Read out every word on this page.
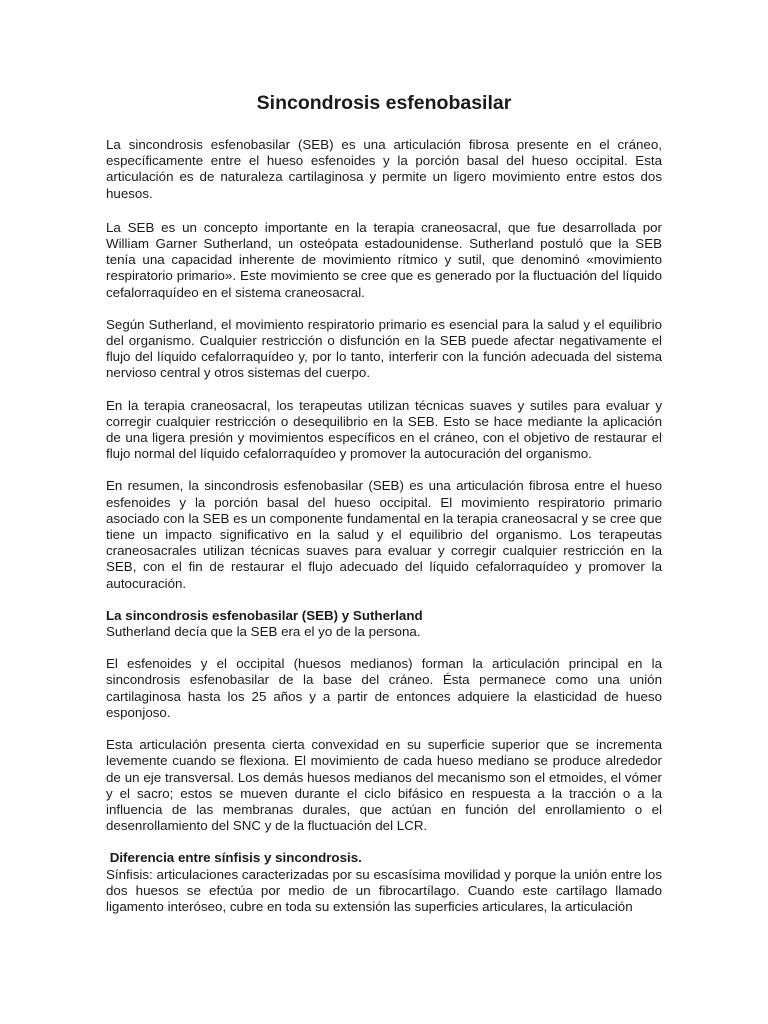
Sincondrosis esfenobasilar

La sincondrosis esfenobasilar (SEB) es una articulación fibrosa presente en el cráneo, específicamente entre el hueso esfenoides y la porción basal del hueso occipital. Esta articulación es de naturaleza cartilaginosa y permite un ligero movimiento entre estos dos huesos.

La SEB es un concepto importante en la terapia craneosacral, que fue desarrollada por William Garner Sutherland, un osteópata estadounidense. Sutherland postuló que la SEB tenía una capacidad inherente de movimiento rítmico y sutil, que denominó «movimiento respiratorio primario». Este movimiento se cree que es generado por la fluctuación del líquido cefalorraquídeo en el sistema craneosacral.

Según Sutherland, el movimiento respiratorio primario es esencial para la salud y el equilibrio del organismo. Cualquier restricción o disfunción en la SEB puede afectar negativamente el flujo del líquido cefalorraquídeo y, por lo tanto, interferir con la función adecuada del sistema nervioso central y otros sistemas del cuerpo.

En la terapia craneosacral, los terapeutas utilizan técnicas suaves y sutiles para evaluar y corregir cualquier restricción o desequilibrio en la SEB. Esto se hace mediante la aplicación de una ligera presión y movimientos específicos en el cráneo, con el objetivo de restaurar el flujo normal del líquido cefalorraquídeo y promover la autocuración del organismo.

En resumen, la sincondrosis esfenobasilar (SEB) es una articulación fibrosa entre el hueso esfenoides y la porción basal del hueso occipital. El movimiento respiratorio primario asociado con la SEB es un componente fundamental en la terapia craneosacral y se cree que tiene un impacto significativo en la salud y el equilibrio del organismo. Los terapeutas craneosacrales utilizan técnicas suaves para evaluar y corregir cualquier restricción en la SEB, con el fin de restaurar el flujo adecuado del líquido cefalorraquídeo y promover la autocuración.

La sincondrosis esfenobasilar (SEB) y Sutherland
Sutherland decía que la SEB era el yo de la persona.

El esfenoides y el occipital (huesos medianos) forman la articulación principal en la sincondrosis esfenobasilar de la base del cráneo. Ésta permanece como una unión cartilaginosa hasta los 25 años y a partir de entonces adquiere la elasticidad de hueso esponjoso.

Esta articulación presenta cierta convexidad en su superficie superior que se incrementa levemente cuando se flexiona. El movimiento de cada hueso mediano se produce alrededor de un eje transversal. Los demás huesos medianos del mecanismo son el etmoides, el vómer y el sacro; estos se mueven durante el ciclo bifásico en respuesta a la tracción o a la influencia de las membranas durales, que actúan en función del enrollamiento o el desenrollamiento del SNC y de la fluctuación del LCR.

Diferencia entre sínfisis y sincondrosis.
Sínfisis: articulaciones caracterizadas por su escasísima movilidad y porque la unión entre los dos huesos se efectúa por medio de un fibrocartílago. Cuando este cartílago llamado ligamento interóseo, cubre en toda su extensión las superficies articulares, la articulación
